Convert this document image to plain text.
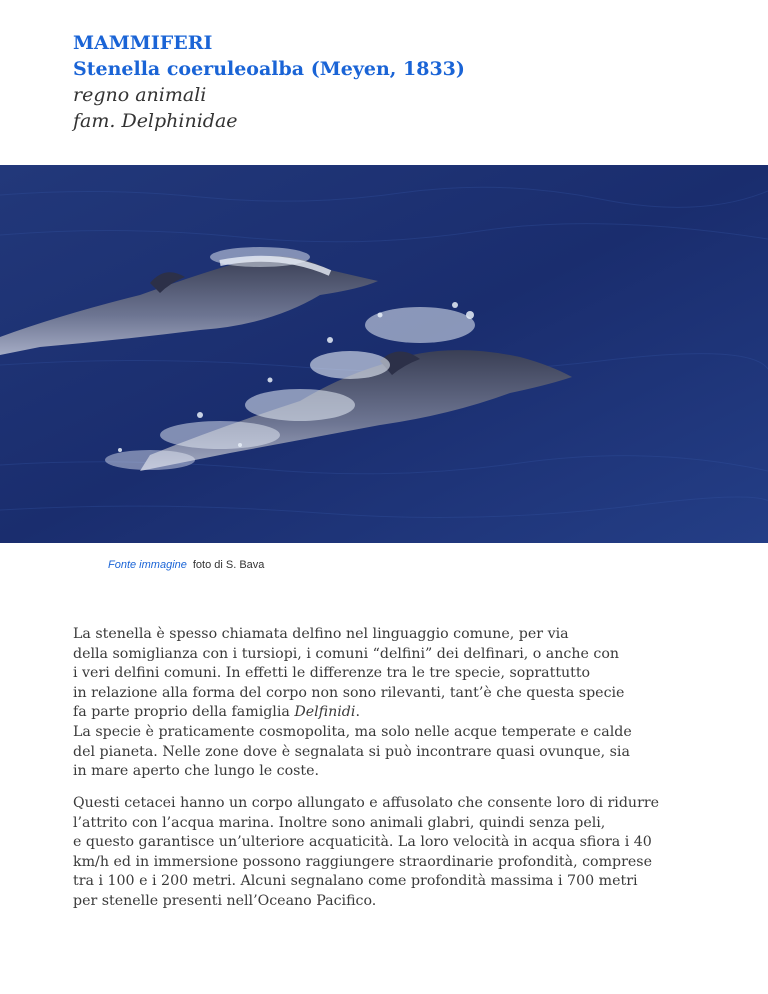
MAMMIFERI
Stenella coeruleoalba (Meyen, 1833)
regno animali
fam. Delphinidae
Fonte immagine foto di S. Bava
La stenella è spesso chiamata delfino nel linguaggio comune, per via
della somiglianza con i tursiopi, i comuni “delfini” dei delfinari, o anche con
i veri delfini comuni. In effetti le differenze tra le tre specie, soprattutto
in relazione alla forma del corpo non sono rilevanti, tant’è che questa specie
fa parte proprio della famiglia Delfinidi.
La specie è praticamente cosmopolita, ma solo nelle acque temperate e calde
del pianeta. Nelle zone dove è segnalata si può incontrare quasi ovunque, sia
in mare aperto che lungo le coste.
Questi cetacei hanno un corpo allungato e affusolato che consente loro di ridurre
l’attrito con l’acqua marina. Inoltre sono animali glabri, quindi senza peli,
e questo garantisce un’ulteriore acquaticità. La loro velocità in acqua sfiora i 40
km/h ed in immersione possono raggiungere straordinarie profondità, comprese
tra i 100 e i 200 metri. Alcuni segnalano come profondità massima i 700 metri
per stenelle presenti nell’Oceano Pacifico.
